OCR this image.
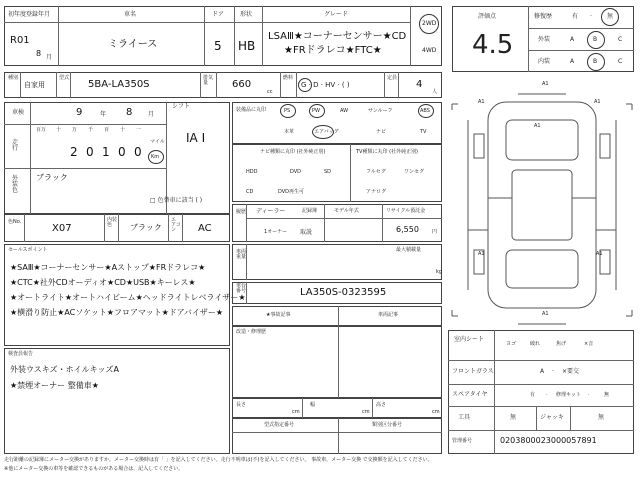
初年度登録年月
R01
8 月
車名
ミライース
ドア
5
形状
HB
グレード
LSAⅢ★コーナーセンサー★CD
★FRドラレコ★FTC★
2WD
4WD
種別
自家用
型式
5BA-LA350S
排気量	660
cc
燃料
G · D · HV · ( )
定員
4
人
車検	9	年 8	月
走行
百万 十 万 千 百 十 一
2 0 1 0 0
マイル
Km
外装色
ブラック
□ 色替車に該当 ( )
シフト
IA I
色No.
X07
内装色	ブラック
エアコン	AC
セールスポイント
★SAⅢ★コーナーセンサー★Aストップ★FRドラレコ★
★CTC★社外CDオーディオ★CD★USB★キーレス★
★オートライト★オートハイビーム★ヘッドライトレベライザー★
★横滑り防止★ACソケット★フロアマット★ドアバイザー★
検査員報告
外装ウスキズ・ホイルキッズA
★禁煙オーナー 整備車★
装備品に丸印	PS	PW	AW	サンルーフ	ABS
本革	エアバッグ	ナビ	TV
ナビ種類に丸印 (社外純正別)
HDD	DVD	SD
CD	DVD再生可
TV種類に丸印 (社外純正別)
フルセグ	ワンセグ
アナログ
履歴 ディーラー	記録簿
1オーナー 取説
モデル年式	リサイクル預託金
6,550	円
車両重量
最大積載量
kg
車台番号	LA350S-0323595
★事故記事	車両記事
改造・修理歴
長さ
cm
幅
cm
高さ
cm
型式指定番号	類別区分番号
評価点
4.5
修復歴	有 ·	無
外装	A	B	C
内装	A	B	C
A1
A1	A1
A1
A1	A1
A1
室内シート
ヨゴ	破れ	焦げ	×音
フロントガラス	A · ×要交
スペアタイヤ	有 · 修理キット ·	無
工具	無	ジャッキ	無
管理番号	0203800023000057891
走行距離の記録簿にメーター交換がありますか。メーター交換時は有「 」を記入してください。走行不明車は(不)を記入してください。 事故車、メーター交換 で交換額を記入してください。
※他にメーター交換の車等を確認できるものがある場合は、記入してください。
